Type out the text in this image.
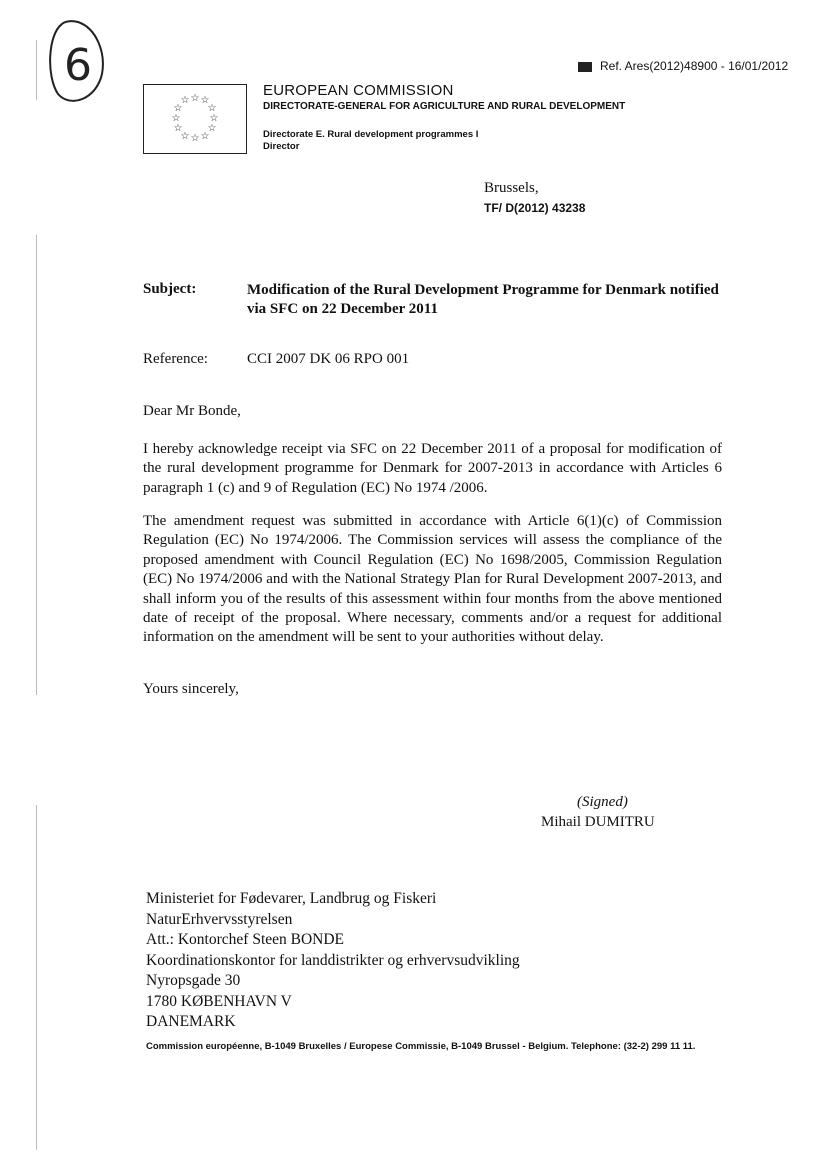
6	Ref. Ares(2012)48900 - 16/01/2012
☆ ☆
☆
☆
☆
☆
☆
☆
☆
☆
☆ ☆
EUROPEAN COMMISSION
DIRECTORATE-GENERAL FOR AGRICULTURE AND RURAL DEVELOPMENT
Directorate E. Rural development programmes I
Director
Brussels,
TF/ D(2012) 43238
Subject:	Modification of the Rural Development Programme for Denmark notified via SFC on 22 December 2011
Reference:	CCI 2007 DK 06 RPO 001
Dear Mr Bonde,
I hereby acknowledge receipt via SFC on 22 December 2011 of a proposal for modification of the rural development programme for Denmark for 2007-2013 in accordance with Articles 6 paragraph 1 (c) and 9 of Regulation (EC) No 1974 /2006.
The amendment request was submitted in accordance with Article 6(1)(c) of Commission Regulation (EC) No 1974/2006. The Commission services will assess the compliance of the proposed amendment with Council Regulation (EC) No 1698/2005, Commission Regulation (EC) No 1974/2006 and with the National Strategy Plan for Rural Development 2007-2013, and shall inform you of the results of this assessment within four months from the above mentioned date of receipt of the proposal. Where necessary, comments and/or a request for additional information on the amendment will be sent to your authorities without delay.
Yours sincerely,
(Signed)
Mihail DUMITRU
Ministeriet for Fødevarer, Landbrug og Fiskeri
NaturErhvervsstyrelsen
Att.: Kontorchef Steen BONDE
Koordinationskontor for landdistrikter og erhvervsudvikling
Nyropsgade 30
1780 KØBENHAVN V
DANEMARK
Commission européenne, B-1049 Bruxelles / Europese Commissie, B-1049 Brussel - Belgium. Telephone: (32-2) 299 11 11.
